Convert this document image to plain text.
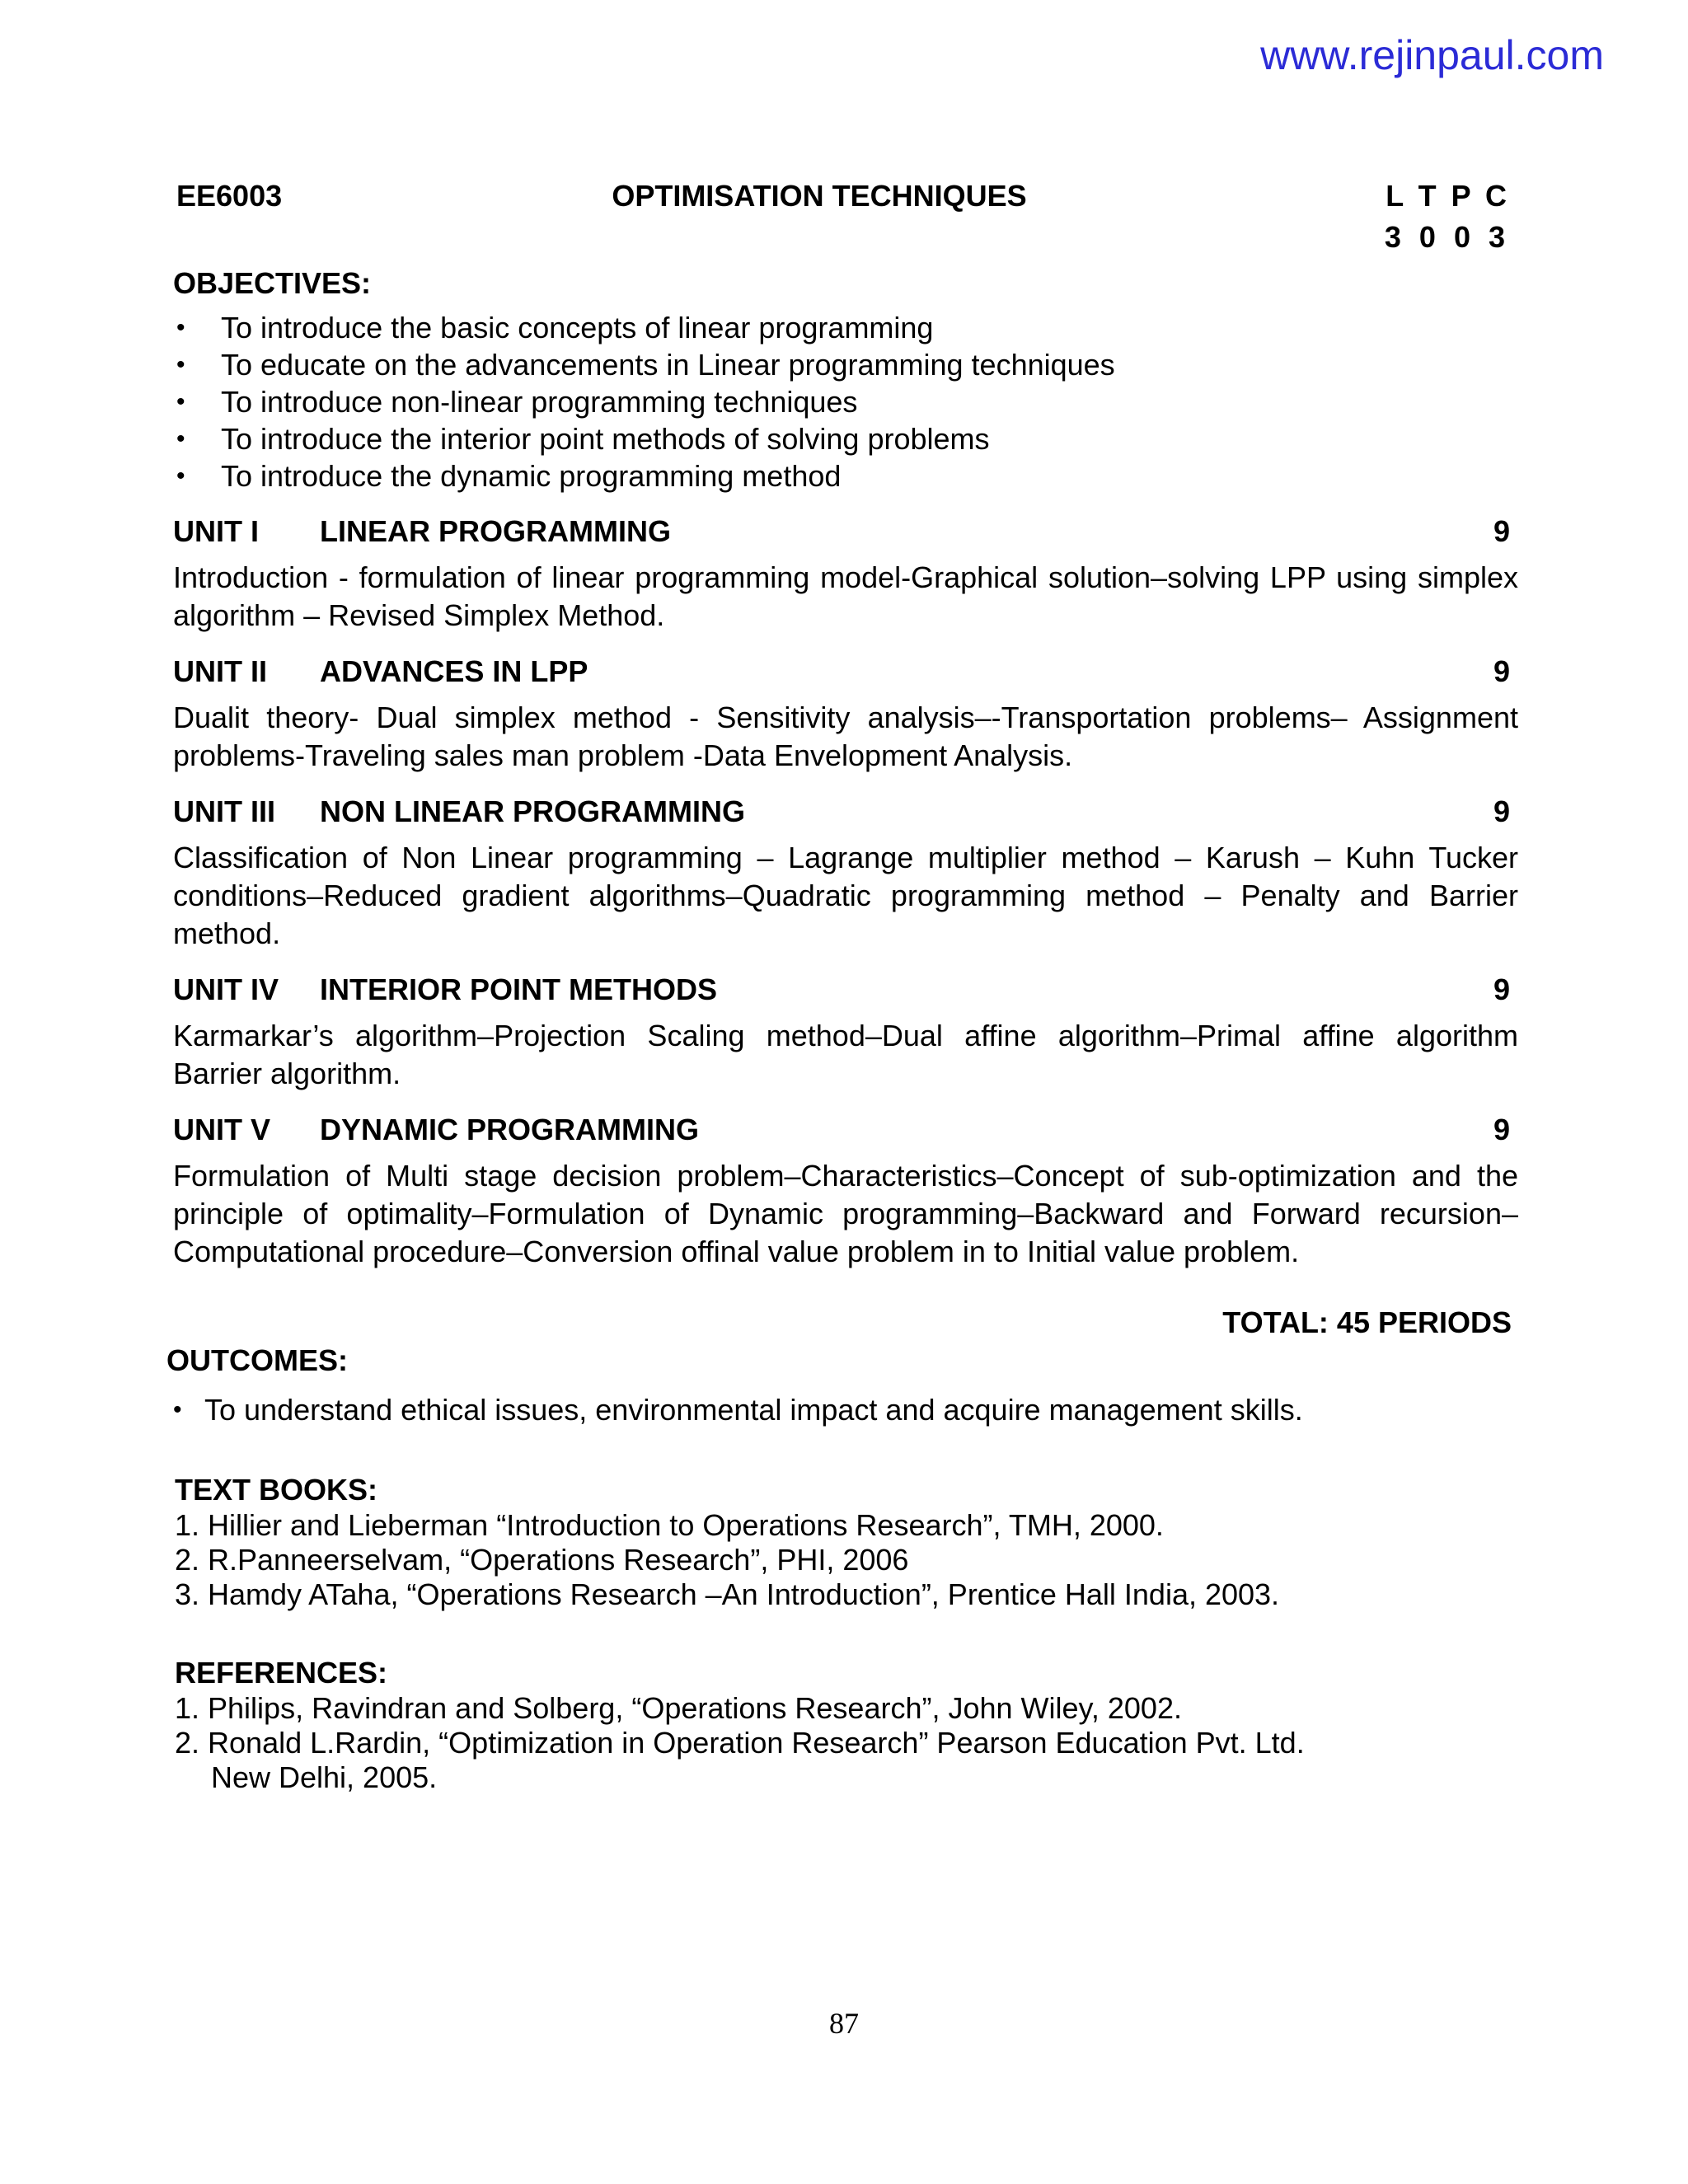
www.rejinpaul.com
EE6003	OPTIMISATION TECHNIQUES	L T P C
3 0 0 3

OBJECTIVES:

• To introduce the basic concepts of linear programming
• To educate on the advancements in Linear programming techniques
• To introduce non-linear programming techniques
• To introduce the interior point methods of solving problems
• To introduce the dynamic programming method
UNIT I	LINEAR PROGRAMMING	9
Introduction - formulation of linear programming model-Graphical solution–solving LPP using simplex algorithm – Revised Simplex Method.
UNIT II	ADVANCES IN LPP	9
Dualit theory- Dual simplex method - Sensitivity analysis–-Transportation problems– Assignment problems-Traveling sales man problem -Data Envelopment Analysis.
UNIT III	NON LINEAR PROGRAMMING	9
Classification of Non Linear programming – Lagrange multiplier method – Karush – Kuhn Tucker conditions–Reduced gradient algorithms–Quadratic programming method – Penalty and Barrier method.
UNIT IV	INTERIOR POINT METHODS	9
Karmarkar’s algorithm–Projection Scaling method–Dual affine algorithm–Primal affine algorithm Barrier algorithm.
UNIT V	DYNAMIC PROGRAMMING	9
Formulation of Multi stage decision problem–Characteristics–Concept of sub-optimization and the principle of optimality–Formulation of Dynamic programming–Backward and Forward recursion–Computational procedure–Conversion offinal value problem in to Initial value problem.
TOTAL: 45 PERIODS

OUTCOMES:

• To understand ethical issues, environmental impact and acquire management skills.
TEXT BOOKS:
1. Hillier and Lieberman “Introduction to Operations Research”, TMH, 2000.
2. R.Panneerselvam, “Operations Research”, PHI, 2006
3. Hamdy ATaha, “Operations Research –An Introduction”, Prentice Hall India, 2003.
REFERENCES:
1. Philips, Ravindran and Solberg, “Operations Research”, John Wiley, 2002.
2. Ronald L.Rardin, “Optimization in Operation Research” Pearson Education Pvt. Ltd.
New Delhi, 2005.
87
